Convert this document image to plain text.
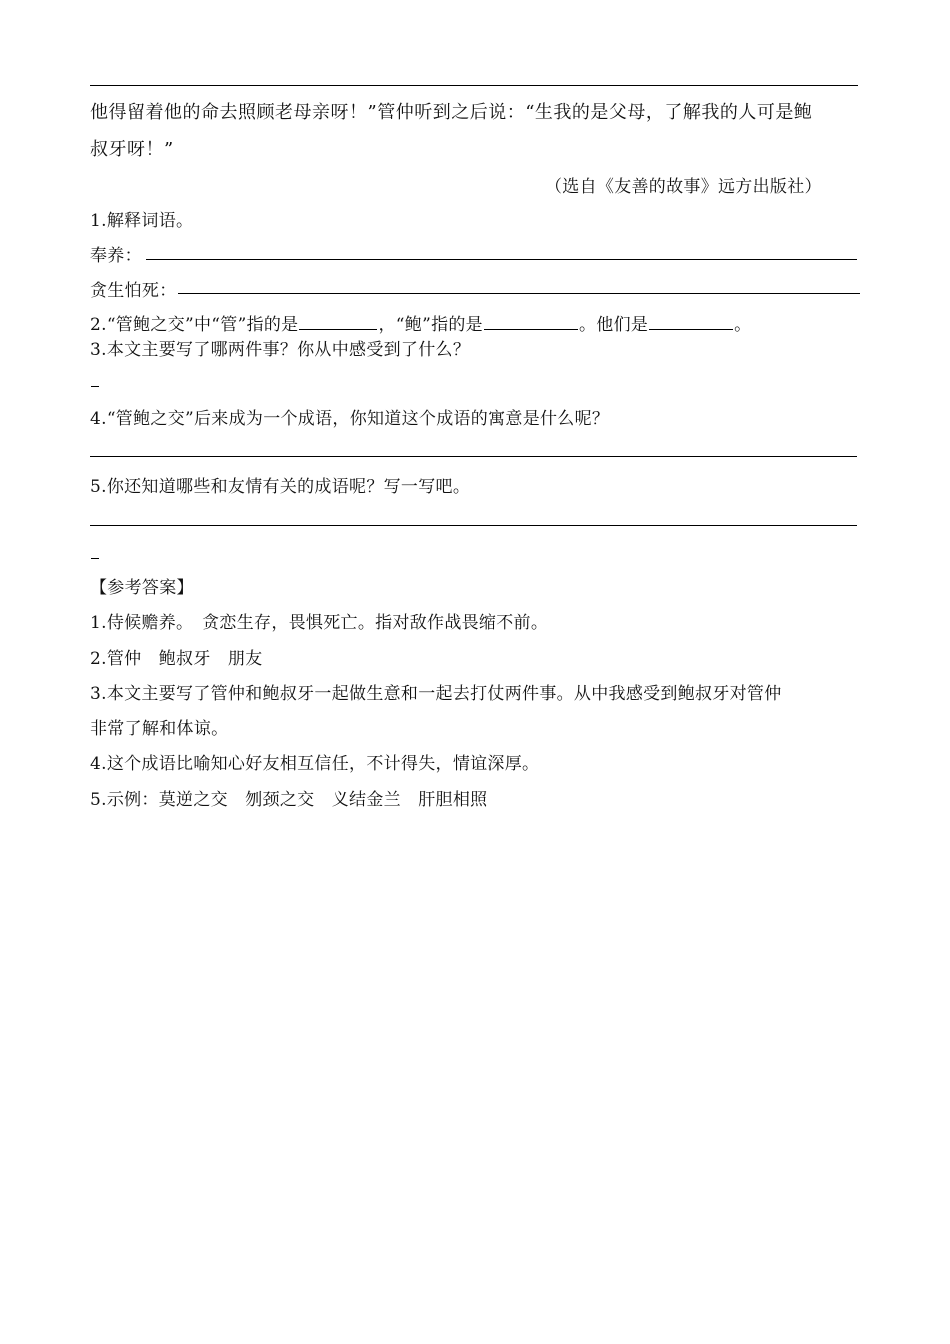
他得留着他的命去照顾老母亲呀！”管仲听到之后说：“生我的是父母，了解我的人可是鲍
叔牙呀！”
（选自《友善的故事》远方出版社）
1.解释词语。
奉养：
贪生怕死：
2.“管鲍之交”中“管”指的是	，“鲍”指的是	。他们是	。
3.本文主要写了哪两件事？你从中感受到了什么？
4.“管鲍之交”后来成为一个成语，你知道这个成语的寓意是什么呢？
5.你还知道哪些和友情有关的成语呢？写一写吧。
【参考答案】
1.侍候赡养。　贪恋生存，畏惧死亡。指对敌作战畏缩不前。
2.管仲　鲍叔牙　朋友
3.本文主要写了管仲和鲍叔牙一起做生意和一起去打仗两件事。从中我感受到鲍叔牙对管仲
非常了解和体谅。
4.这个成语比喻知心好友相互信任，不计得失，情谊深厚。
5.示例：莫逆之交　刎颈之交　义结金兰　肝胆相照
